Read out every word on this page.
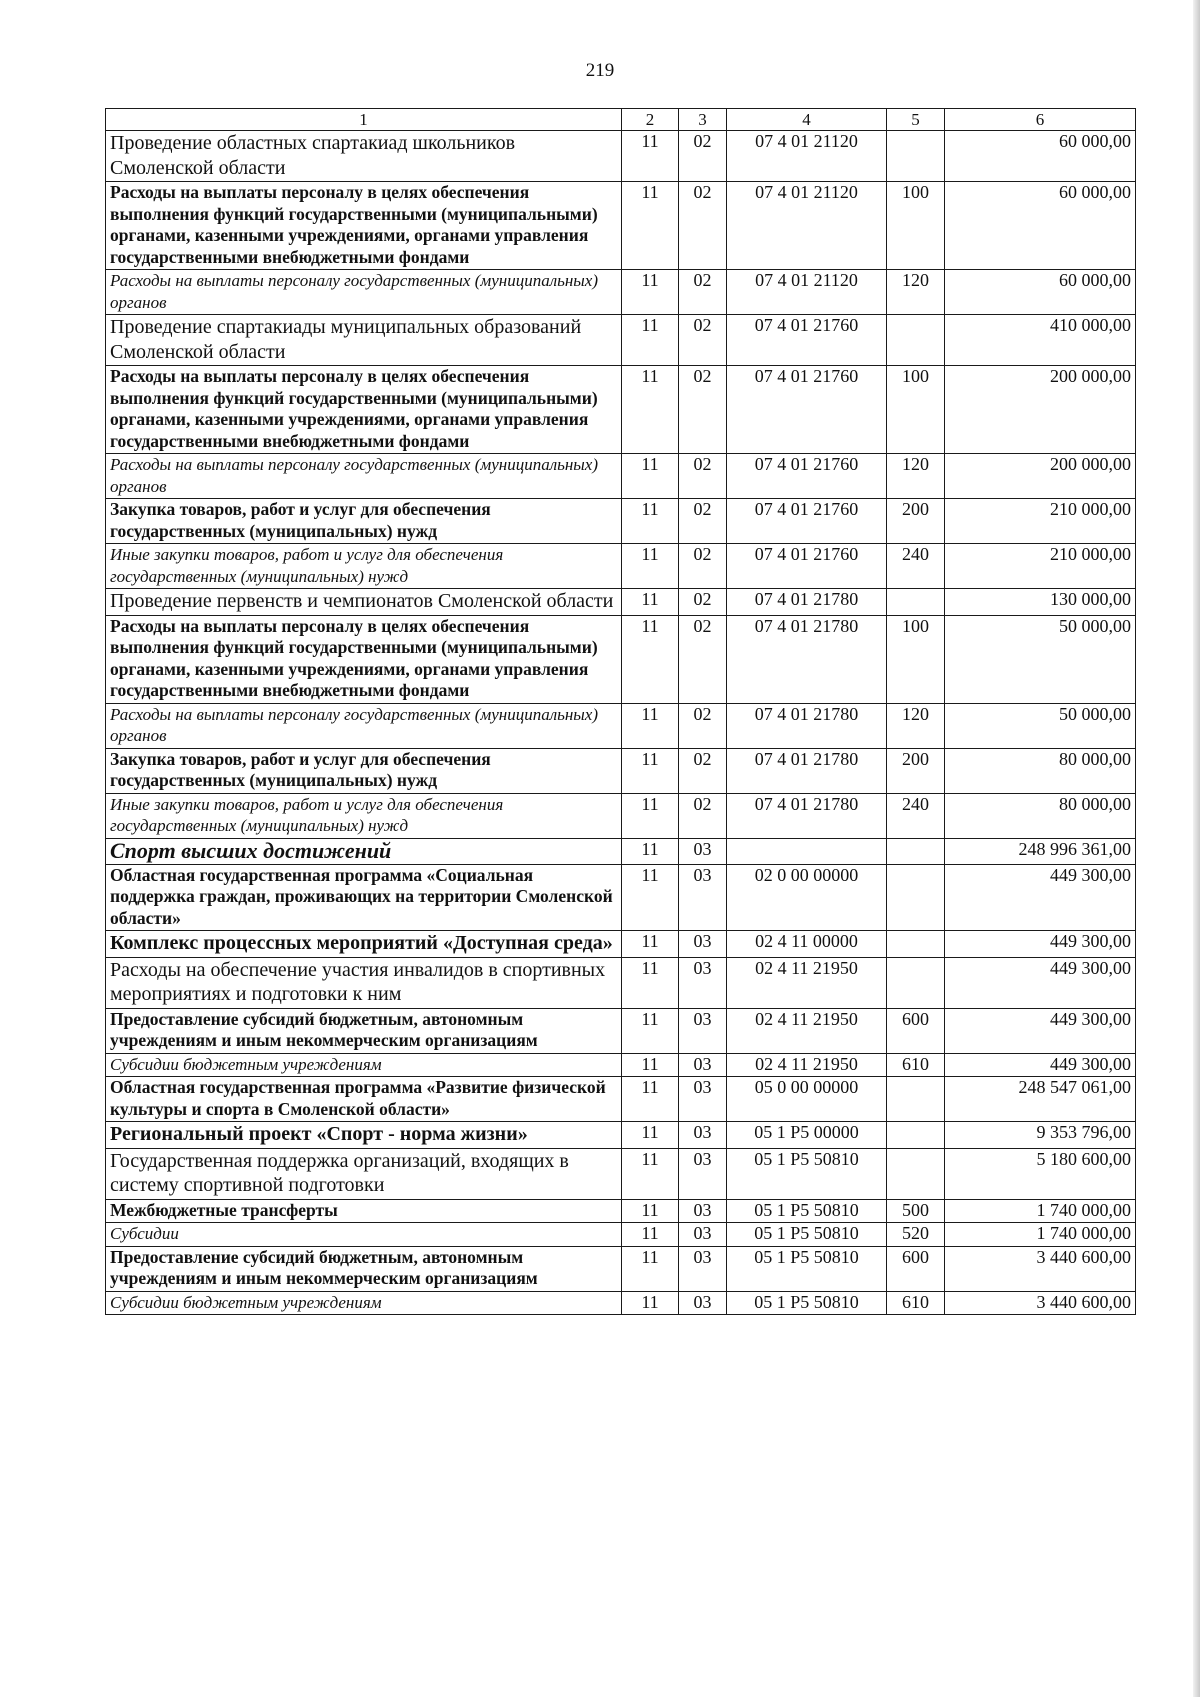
219
1	2	3	4	5	6
Проведение областных спартакиад школьников Смоленской области	11	02	07 4 01 21120		60 000,00
Расходы на выплаты персоналу в целях обеспечения выполнения функций государственными (муниципальными) органами, казенными учреждениями, органами управления государственными внебюджетными фондами	11	02	07 4 01 21120	100	60 000,00
Расходы на выплаты персоналу государственных (муниципальных) органов	11	02	07 4 01 21120	120	60 000,00
Проведение спартакиады муниципальных образований Смоленской области	11	02	07 4 01 21760		410 000,00
Расходы на выплаты персоналу в целях обеспечения выполнения функций государственными (муниципальными) органами, казенными учреждениями, органами управления государственными внебюджетными фондами	11	02	07 4 01 21760	100	200 000,00
Расходы на выплаты персоналу государственных (муниципальных) органов	11	02	07 4 01 21760	120	200 000,00
Закупка товаров, работ и услуг для обеспечения государственных (муниципальных) нужд	11	02	07 4 01 21760	200	210 000,00
Иные закупки товаров, работ и услуг для обеспечения государственных (муниципальных) нужд	11	02	07 4 01 21760	240	210 000,00
Проведение первенств и чемпионатов Смоленской области	11	02	07 4 01 21780		130 000,00
Расходы на выплаты персоналу в целях обеспечения выполнения функций государственными (муниципальными) органами, казенными учреждениями, органами управления государственными внебюджетными фондами	11	02	07 4 01 21780	100	50 000,00
Расходы на выплаты персоналу государственных (муниципальных) органов	11	02	07 4 01 21780	120	50 000,00
Закупка товаров, работ и услуг для обеспечения государственных (муниципальных) нужд	11	02	07 4 01 21780	200	80 000,00
Иные закупки товаров, работ и услуг для обеспечения государственных (муниципальных) нужд	11	02	07 4 01 21780	240	80 000,00
Спорт высших достижений	11	03			248 996 361,00
Областная государственная программа «Социальная поддержка граждан, проживающих на территории Смоленской области»	11	03	02 0 00 00000		449 300,00
Комплекс процессных мероприятий «Доступная среда»	11	03	02 4 11 00000		449 300,00
Расходы на обеспечение участия инвалидов в спортивных мероприятиях и подготовки к ним	11	03	02 4 11 21950		449 300,00
Предоставление субсидий бюджетным, автономным учреждениям и иным некоммерческим организациям	11	03	02 4 11 21950	600	449 300,00
Субсидии бюджетным учреждениям	11	03	02 4 11 21950	610	449 300,00
Областная государственная программа «Развитие физической культуры и спорта в Смоленской области»	11	03	05 0 00 00000		248 547 061,00
Региональный проект «Спорт - норма жизни»	11	03	05 1 P5 00000		9 353 796,00
Государственная поддержка организаций, входящих в систему спортивной подготовки	11	03	05 1 P5 50810		5 180 600,00
Межбюджетные трансферты	11	03	05 1 P5 50810	500	1 740 000,00
Субсидии	11	03	05 1 P5 50810	520	1 740 000,00
Предоставление субсидий бюджетным, автономным учреждениям и иным некоммерческим организациям	11	03	05 1 P5 50810	600	3 440 600,00
Субсидии бюджетным учреждениям	11	03	05 1 P5 50810	610	3 440 600,00
